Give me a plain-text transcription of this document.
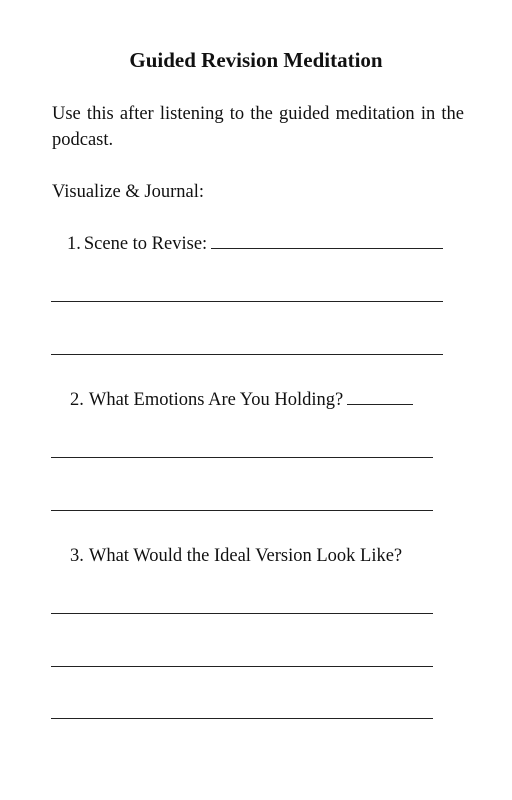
Guided Revision Meditation
Use this after listening to the guided meditation in the podcast.
Visualize & Journal:
1. Scene to Revise:
2. What Emotions Are You Holding?
3. What Would the Ideal Version Look Like?
